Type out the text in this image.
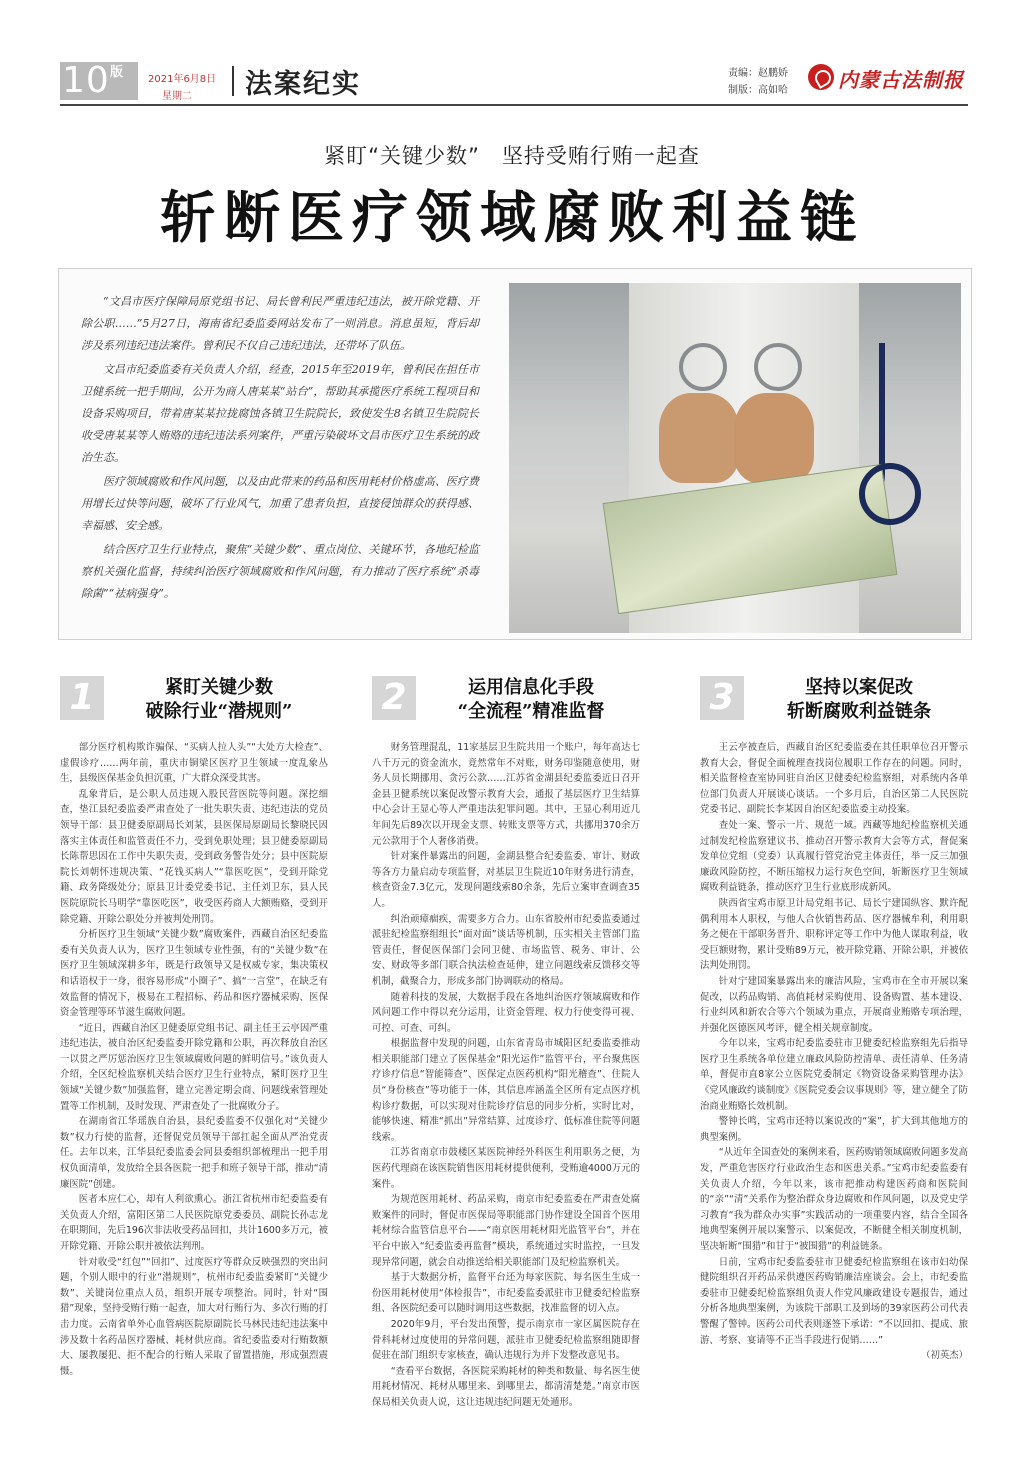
10 版	2021年6月8日
星期二 法案纪实	责编：赵鹏娇
制版：高如哈	内蒙古法制报
紧盯“关键少数”　坚持受贿行贿一起查
斩断医疗领域腐败利益链

“文昌市医疗保障局原党组书记、局长曾利民严重违纪违法，被开除党籍、开除公职……”5月27日，海南省纪委监委网站发布了一则消息。消息虽短，背后却涉及系列违纪违法案件。曾利民不仅自己违纪违法，还带坏了队伍。

文昌市纪委监委有关负责人介绍，经查，2015年至2019年，曾利民在担任市卫健系统一把手期间，公开为商人唐某某“站台”，帮助其承揽医疗系统工程项目和设备采购项目，带着唐某某拉拢腐蚀各镇卫生院院长，致使发生8名镇卫生院院长收受唐某某等人贿赂的违纪违法系列案件，严重污染破坏文昌市医疗卫生系统的政治生态。

医疗领域腐败和作风问题，以及由此带来的药品和医用耗材价格虚高、医疗费用增长过快等问题，破坏了行业风气，加重了患者负担，直接侵蚀群众的获得感、幸福感、安全感。

结合医疗卫生行业特点，聚焦“关键少数”、重点岗位、关键环节，各地纪检监察机关强化监督，持续纠治医疗领域腐败和作风问题，有力推动了医疗系统“杀毒除菌”“祛病强身”。

1	紧盯关键少数
破除行业“潜规则”

部分医疗机构欺诈骗保、“买病人拉人头”“大处方大检查”、虚假诊疗……两年前，重庆市铜梁区医疗卫生领域一度乱象丛生，县级医保基金负担沉重，广大群众深受其害。

乱象背后，是公职人员违规入股民营医院等问题。深挖细查，垫江县纪委监委严肃查处了一批失职失责、违纪违法的党员领导干部：县卫健委原副局长刘某，县医保局原副局长黎晓民因落实主体责任和监管责任不力，受到免职处理；县卫健委原副局长陈帮思因在工作中失职失责，受到政务警告处分；县中医院原院长刘朝怀违规决策、“花钱买病人”“靠医吃医”，受到开除党籍、政务降级处分；原县卫计委党委书记、主任刘卫东，县人民医院原院长马明学“靠医吃医”，收受医药商人大额贿赂，受到开除党籍、开除公职处分并被判处刑罚。

分析医疗卫生领域“关键少数”腐败案件，西藏自治区纪委监委有关负责人认为，医疗卫生领域专业性强，有的“关键少数”在医疗卫生领域深耕多年，既是行政领导又是权威专家，集决策权和话语权于一身，很容易形成“小圈子”、搞“一言堂”，在缺乏有效监督的情况下，极易在工程招标、药品和医疗器械采购、医保资金管理等环节滋生腐败问题。

“近日，西藏自治区卫健委原党组书记、副主任王云亭因严重违纪违法，被自治区纪委监委开除党籍和公职，再次释放自治区一以贯之严厉惩治医疗卫生领域腐败问题的鲜明信号。”该负责人介绍，全区纪检监察机关结合医疗卫生行业特点，紧盯医疗卫生领域“关键少数”加强监督，建立完善定期会商、问题线索管理处置等工作机制，及时发现、严肃查处了一批腐败分子。

在湖南省江华瑶族自治县，县纪委监委不仅强化对“关键少数”权力行使的监督，还督促党员领导干部扛起全面从严治党责任。去年以来，江华县纪委监委会同县委组织部梳理出一把手用权负面清单，发放给全县各医院一把手和班子领导干部，推动“清廉医院”创建。

医者本应仁心，却有人利欲熏心。浙江省杭州市纪委监委有关负责人介绍，富阳区第二人民医院原党委委员、副院长孙志龙在职期间，先后196次非法收受药品回扣，共计1600多万元，被开除党籍、开除公职并被依法判刑。

针对收受“红包”“回扣”、过度医疗等群众反映强烈的突出问题，个别人眼中的行业“潜规则”，杭州市纪委监委紧盯“关键少数”、关键岗位重点人员，组织开展专项整治。同时，针对“围猎”现象，坚持受贿行贿一起查，加大对行贿行为、多次行贿的打击力度。云南省单外心血管病医院原副院长马林民违纪违法案中涉及数十名药品医疗器械、耗材供应商。省纪委监委对行贿数额大、屡教屡犯、拒不配合的行贿人采取了留置措施，形成强烈震慑。

2	运用信息化手段
“全流程”精准监督

财务管理混乱，11家基层卫生院共用一个账户，每年高达七八千万元的资金流水，竟然常年不对账，财务印鉴随意使用，财务人员长期挪用、贪污公款……江苏省金湖县纪委监委近日召开金县卫健系统以案促改警示教育大会，通报了基层医疗卫生结算中心会计王显心等人严重违法犯罪问题。其中，王显心利用近几年间先后89次以开现金支票、转账支票等方式，共挪用370余万元公款用于个人奢侈消费。

针对案件暴露出的问题，金湖县整合纪委监委、审计、财政等各方力量启动专项监督，对基层卫生院近10年财务进行清查，核查资金7.3亿元，发现问题线索80余条，先后立案审查调查35人。

纠治顽瘴痼疾，需要多方合力。山东省胶州市纪委监委通过派驻纪检监察组组长“面对面”谈话等机制，压实相关主管部门监管责任，督促医保部门会同卫健、市场监管、税务、审计、公安、财政等多部门联合执法检查延伸，建立问题线索反馈移交等机制，截聚合力，形成多部门协调联动的格局。

随着科技的发展，大数据手段在各地纠治医疗领域腐败和作风问题工作中得以充分运用，让资金管理、权力行使变得可视、可控、可查、可纠。

根据监督中发现的问题，山东省青岛市城阳区纪委监委推动相关职能部门建立了医保基金“阳光运作”监管平台，平台聚焦医疗诊疗信息“智能筛查”、医保定点医药机构“阳光稽查”、住院人员“身份核查”等功能于一体，其信息库涵盖全区所有定点医疗机构诊疗数据，可以实现对住院诊疗信息的同步分析，实时比对，能够快速、精准“抓出”异常结算、过度诊疗、低标准住院等问题线索。

江苏省南京市鼓楼区某医院神经外科医生利用职务之便，为医药代理商在该医院销售医用耗材提供便利，受贿逾4000万元的案件。

为规范医用耗材、药品采购，南京市纪委监委在严肃查处腐败案件的同时，督促市医保局等职能部门协作建设全国首个医用耗材综合监管信息平台——“南京医用耗材阳光监管平台”，并在平台中嵌入“纪委监委再监督”模块，系统通过实时监控，一旦发现异常问题，就会自动推送给相关职能部门及纪检监察机关。

基于大数据分析，监督平台还为每家医院、每名医生生成一份医用耗材使用“体检报告”，市纪委监委派驻市卫健委纪检监察组、各医院纪委可以随时调用这些数据，找准监督的切入点。

2020年9月，平台发出预警，提示南京市一家区属医院存在骨科耗材过度使用的异常问题，派驻市卫健委纪检监察组随即督促驻在部门组织专家核查，确认违规行为并下发整改意见书。

“查看平台数据，各医院采购耗材的种类和数量、每名医生使用耗材情况、耗材从哪里来、到哪里去，都清清楚楚。”南京市医保局相关负责人说，这让违规违纪问题无处遁形。

3	坚持以案促改
斩断腐败利益链条

王云亭被查后，西藏自治区纪委监委在其任职单位召开警示教育大会，督促全面梳理查找岗位履职工作存在的问题。同时，相关监督检查室协同驻自治区卫健委纪检监察组，对系统内各单位部门负责人开展谈心谈话。一个多月后，自治区第二人民医院党委书记、副院长李某因自治区纪委监委主动投案。

查处一案、警示一片、规范一域。西藏等地纪检监察机关通过制发纪检监察建议书、推动召开警示教育大会等方式，督促案发单位党组（党委）认真履行管党治党主体责任，举一反三加强廉政风险防控，不断压缩权力运行灰色空间，斩断医疗卫生领域腐败利益链条，推动医疗卫生行业底形成新风。

陕西省宝鸡市原卫计局党组书记、局长宁建国纵容、默许配偶利用本人职权，与他人合伙销售药品、医疗器械牟利，利用职务之便在干部职务晋升、职称评定等工作中为他人谋取利益，收受巨额财物，累计受贿89万元，被开除党籍、开除公职，并被依法判处刑罚。

针对宁建国案暴露出来的廉洁风险，宝鸡市在全市开展以案促改，以药品购销、高值耗材采购使用、设备购置、基本建设、行业纠风和新农合等六个领域为重点，开展商业贿赂专项治理，并强化医德医风考评，健全相关规章制度。

今年以来，宝鸡市纪委监委驻市卫健委纪检监察组先后指导医疗卫生系统各单位建立廉政风险防控清单、责任清单、任务清单，督促市直8家公立医院党委制定《物资设备采购管理办法》《党风廉政约谈制度》《医院党委会议事规则》等，建立健全了防治商业贿赂长效机制。

警钟长鸣，宝鸡市还特以案说改的“案”，扩大到其他地方的典型案例。

“从近年全国查处的案例来看，医药购销领域腐败问题多发高发，严重危害医疗行业政治生态和医患关系。”宝鸡市纪委监委有关负责人介绍，今年以来，该市把推动构建医药商和医院间的“亲”“清”关系作为整治群众身边腐败和作风问题，以及党史学习教育“我为群众办实事”实践活动的一项重要内容，结合全国各地典型案例开展以案警示、以案促改，不断健全相关制度机制，坚决斩断“围猎”和甘于“被围猎”的利益链条。

日前，宝鸡市纪委监委驻市卫健委纪检监察组在该市妇幼保健院组织召开药品采供遵医药购销廉洁座谈会。会上，市纪委监委驻市卫健委纪检监察组负责人作党风廉政建设专题报告，通过分析各地典型案例，为该院干部职工及到场的39家医药公司代表警醒了警钟。医药公司代表则逐签下承诺：“不以回扣、提成、旅游、考察、宴请等不正当手段进行促销……”

（初英杰）
